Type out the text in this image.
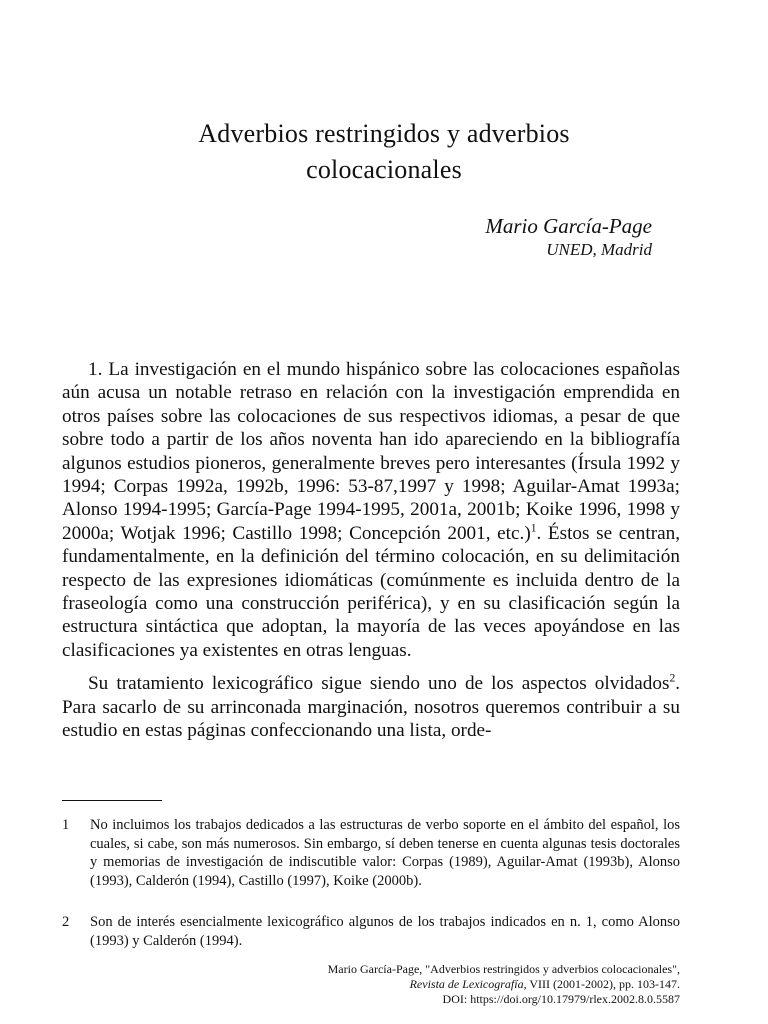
Adverbios restringidos y adverbios
colocacionales
Mario García-Page
UNED, Madrid

1. La investigación en el mundo hispánico sobre las colocaciones españolas aún acusa un notable retraso en relación con la investigación emprendida en otros países sobre las colocaciones de sus respectivos idiomas, a pesar de que sobre todo a partir de los años noventa han ido apareciendo en la bibliografía algunos estudios pioneros, generalmente breves pero interesantes (Írsula 1992 y 1994; Corpas 1992a, 1992b, 1996: 53-87,1997 y 1998; Aguilar-Amat 1993a; Alonso 1994-1995; García-Page 1994-1995, 2001a, 2001b; Koike 1996, 1998 y 2000a; Wotjak 1996; Castillo 1998; Concepción 2001, etc.)$^1$. Éstos se centran, fundamentalmente, en la definición del término colocación, en su delimitación respecto de las expresiones idiomáticas (comúnmente es incluida dentro de la fraseología como una construcción periférica), y en su clasificación según la estructura sintáctica que adoptan, la mayoría de las veces apoyándose en las clasificaciones ya existentes en otras lenguas.

Su tratamiento lexicográfico sigue siendo uno de los aspectos olvidados$^2$. Para sacarlo de su arrinconada marginación, nosotros queremos contribuir a su estudio en estas páginas confeccionando una lista, orde-

1 No incluimos los trabajos dedicados a las estructuras de verbo soporte en el ámbito del español, los cuales, si cabe, son más numerosos. Sin embargo, sí deben tenerse en cuenta algunas tesis doctorales y memorias de investigación de indiscutible valor: Corpas (1989), Aguilar-Amat (1993b), Alonso (1993), Calderón (1994), Castillo (1997), Koike (2000b).
2 Son de interés esencialmente lexicográfico algunos de los trabajos indicados en n. 1, como Alonso (1993) y Calderón (1994).
Mario García-Page, "Adverbios restringidos y adverbios colocacionales",
Revista de Lexicografía, VIII (2001-2002), pp. 103-147.
DOI: https://doi.org/10.17979/rlex.2002.8.0.5587
